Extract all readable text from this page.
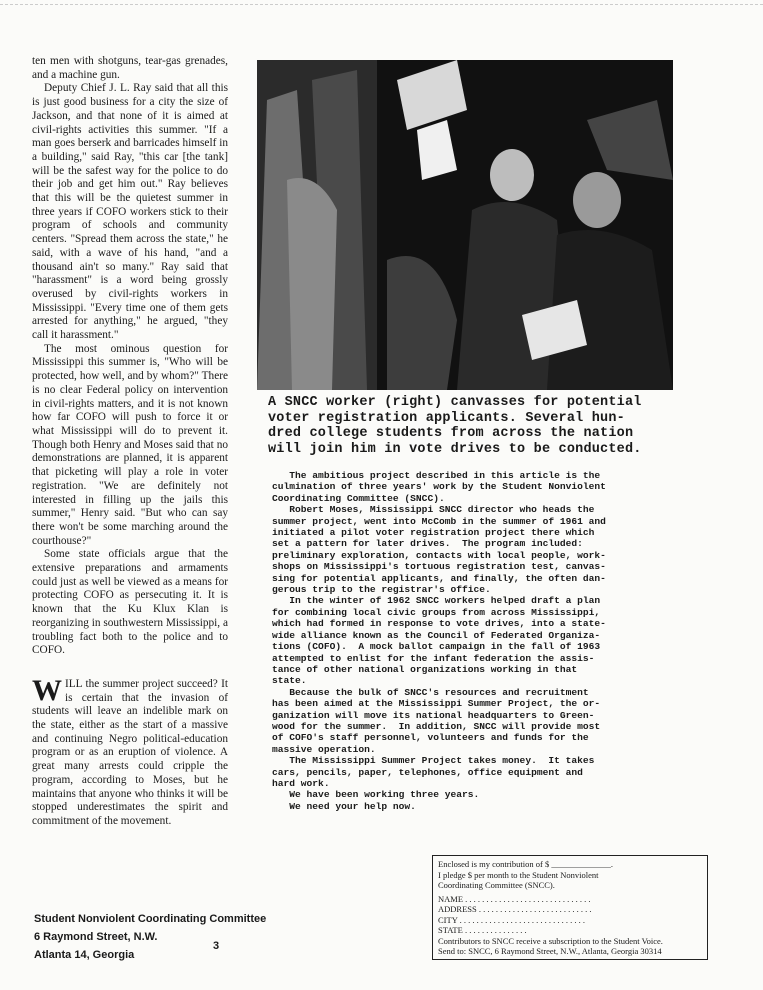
ten men with shotguns, tear-gas grenades, and a machine gun.

Deputy Chief J. L. Ray said that all this is just good business for a city the size of Jackson, and that none of it is aimed at civil-rights activities this summer. "If a man goes berserk and barricades himself in a building," said Ray, "this car [the tank] will be the safest way for the police to do their job and get him out." Ray believes that this will be the quietest summer in three years if COFO workers stick to their program of schools and community centers. "Spread them across the state," he said, with a wave of his hand, "and a thousand ain't so many." Ray said that "harassment" is a word being grossly overused by civil-rights workers in Mississippi. "Every time one of them gets arrested for anything," he argued, "they call it harassment."

The most ominous question for Mississippi this summer is, "Who will be protected, how well, and by whom?" There is no clear Federal policy on intervention in civil-rights matters, and it is not known how far COFO will push to force it or what Mississippi will do to prevent it. Though both Henry and Moses said that no demonstrations are planned, it is apparent that picketing will play a role in voter registration. "We are definitely not interested in filling up the jails this summer," Henry said. "But who can say there won't be some marching around the courthouse?"

Some state officials argue that the extensive preparations and armaments could just as well be viewed as a means for protecting COFO as persecuting it. It is known that the Ku Klux Klan is reorganizing in southwestern Mississippi, a troubling fact both to the police and to COFO.

WILL the summer project succeed? It is certain that the invasion of students will leave an indelible mark on the state, either as the start of a massive and continuing Negro political-education program or as an eruption of violence. A great many arrests could cripple the program, according to Moses, but he maintains that anyone who thinks it will be stopped underestimates the spirit and commitment of the movement.

Student Nonviolent Coordinating Committee
6 Raymond Street, N.W.
Atlanta 14, Georgia
3
A SNCC worker (right) canvasses for potential
voter registration applicants. Several hun-
dred college students from across the nation
will join him in vote drives to be conducted.
The ambitious project described in this article is the
culmination of three years' work by the Student Nonviolent
Coordinating Committee (SNCC).
Robert Moses, Mississippi SNCC director who heads the
summer project, went into McComb in the summer of 1961 and
initiated a pilot voter registration project there which
set a pattern for later drives.  The program included:
preliminary exploration, contacts with local people, work-
shops on Mississippi's tortuous registration test, canvas-
sing for potential applicants, and finally, the often dan-
gerous trip to the registrar's office.
In the winter of 1962 SNCC workers helped draft a plan
for combining local civic groups from across Mississippi,
which had formed in response to vote drives, into a state-
wide alliance known as the Council of Federated Organiza-
tions (COFO).  A mock ballot campaign in the fall of 1963
attempted to enlist for the infant federation the assis-
tance of other national organizations working in that
state.
Because the bulk of SNCC's resources and recruitment
has been aimed at the Mississippi Summer Project, the or-
ganization will move its national headquarters to Green-
wood for the summer.  In addition, SNCC will provide most
of COFO's staff personnel, volunteers and funds for the
massive operation.
The Mississippi Summer Project takes money.  It takes
cars, pencils, paper, telephones, office equipment and
hard work.
We have been working three years.
We need your help now.
Enclosed is my contribution of $ ______________.
I pledge $ per month to the Student Nonviolent
Coordinating Committee (SNCC).
NAME . . . . . . . . . . . . . . . . . . . . . . . . . . . . . .
ADDRESS . . . . . . . . . . . . . . . . . . . . . . . . . . .
CITY . . . . . . . . . . . . . . . . . . . . . . . . . . . . . .
STATE . . . . . . . . . . . . . . .
Contributors to SNCC receive a subscription to the Student Voice.
Send to: SNCC, 6 Raymond Street, N.W., Atlanta, Georgia 30314
